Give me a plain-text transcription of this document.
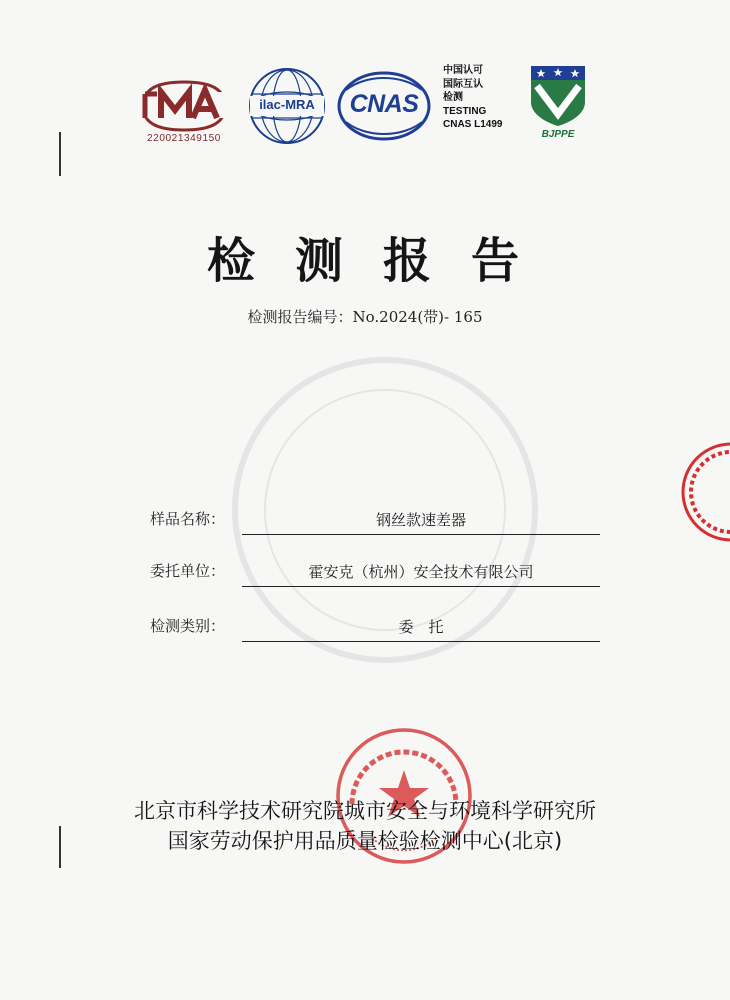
220021349150
ilac-MRA	CNAS
中国认可
国际互认
检测
TESTING
CNAS L1499
BJPPE
检测报告
检测报告编号：No.2024(带)- 165
样品名称：	钢丝款速差器
委托单位：	霍安克（杭州）安全技术有限公司
检测类别：	委　托
北京市科学技术研究院城市安全与环境科学研究所
国家劳动保护用品质量检验检测中心(北京)
